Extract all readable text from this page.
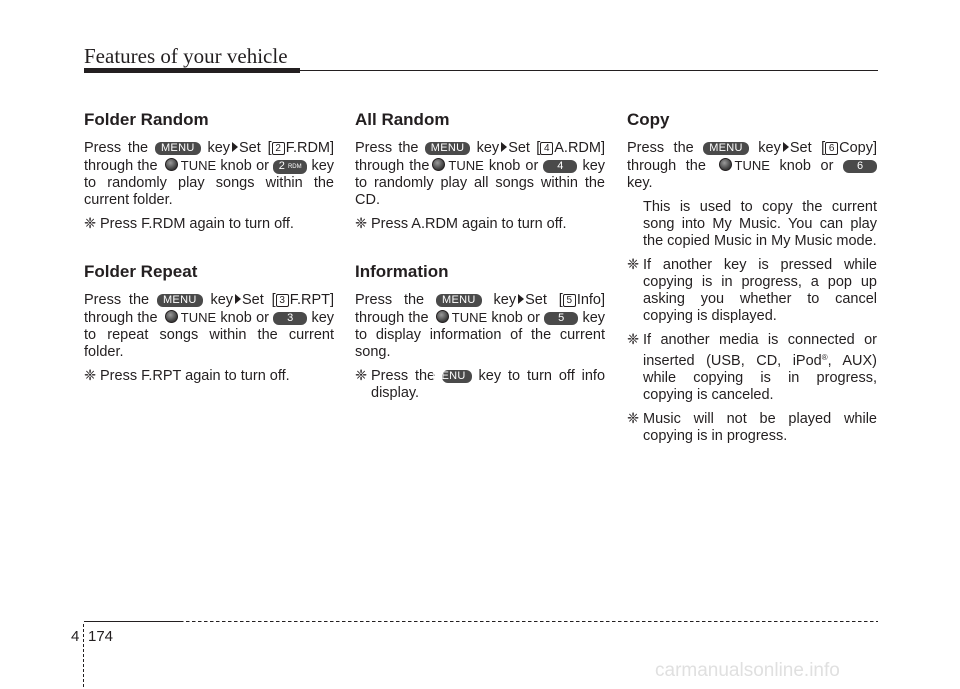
Features of your vehicle
Folder Random

Press the MENU key Set [ 2 F.RDM] through the TUNE knob or 2 RDM key to randomly play songs within the current folder.

❈ Press F.RDM again to turn off.

Folder Repeat

Press the MENU key Set [ 3 F.RPT] through the TUNE knob or 3 key to repeat songs within the current folder.

❈ Press F.RPT again to turn off.

All Random

Press the MENU key Set [ 4 A.RDM] through the TUNE knob or 4 key to randomly play all songs within the CD.

❈ Press A.RDM again to turn off.

Information

Press the MENU key Set [ 5 Info] through the TUNE knob or 5 key to display information of the current song.

❈ Press the MENU key to turn off info display.

Copy

Press the MENU key Set [ 6 Copy] through the TUNE knob or 6 key.

This is used to copy the current song into My Music. You can play the copied Music in My Music mode.

❈ If another key is pressed while copying is in progress, a pop up asking you whether to cancel copying is displayed.

❈ If another media is connected or inserted (USB, CD, iPod®, AUX) while copying is in progress, copying is canceled.

❈ Music will not be played while copying is in progress.

4 174
carmanualsonline.info
